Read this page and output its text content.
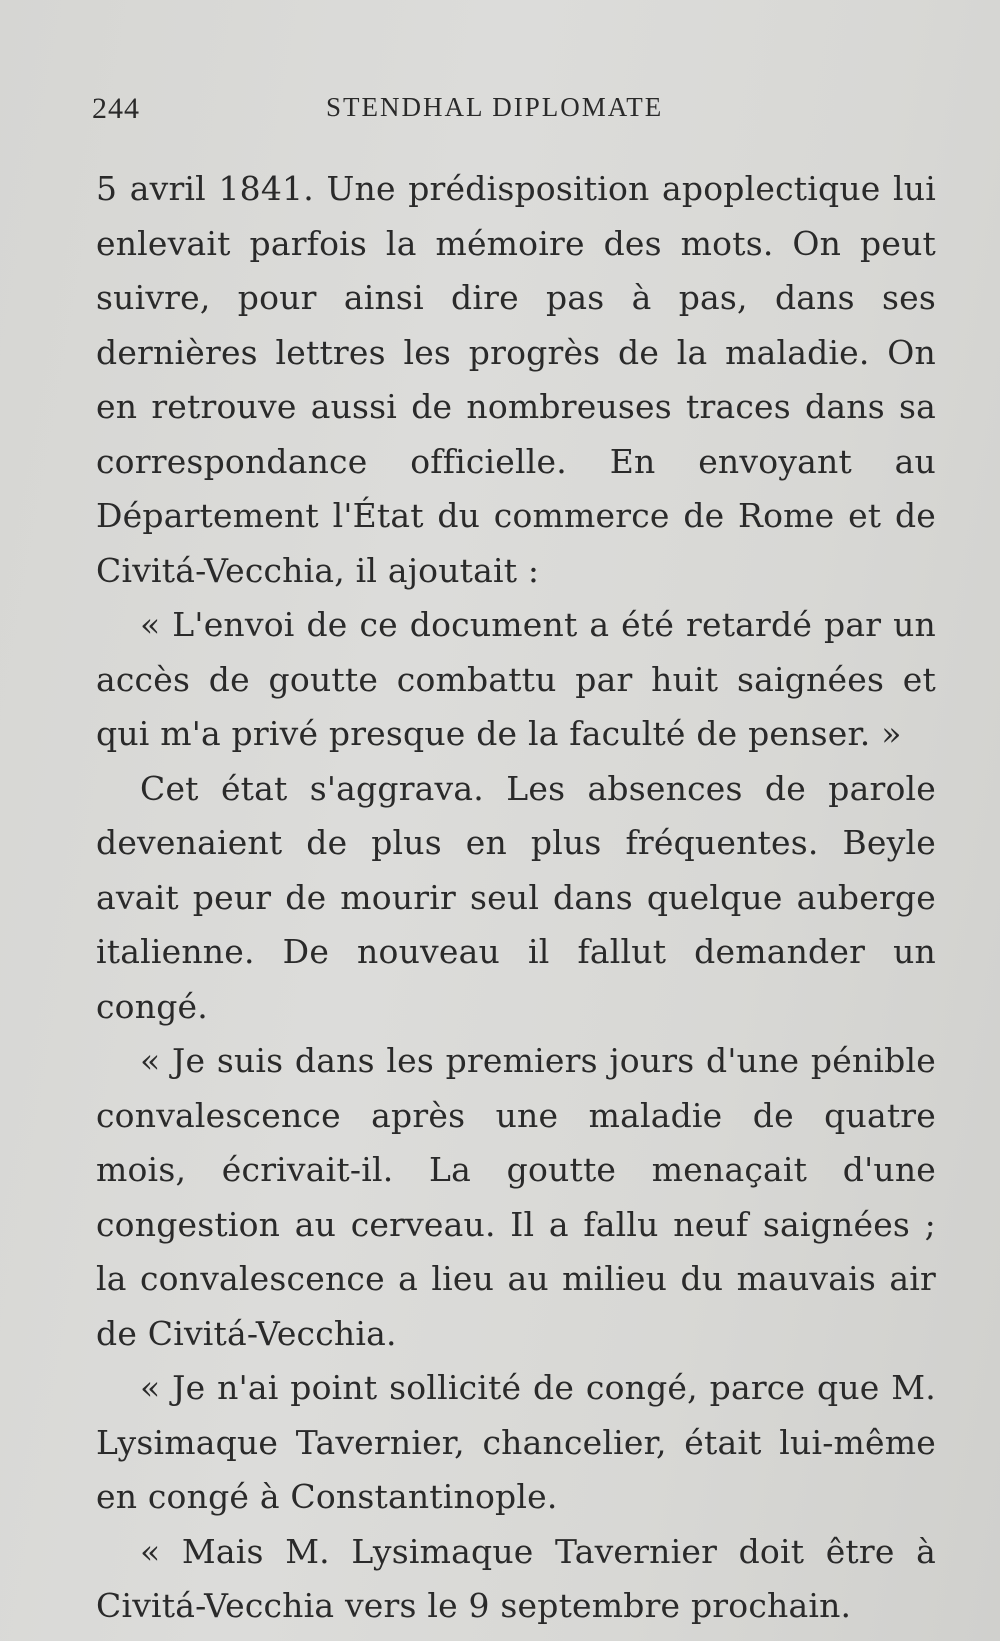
244	STENDHAL DIPLOMATE

5 avril 1841. Une prédisposition apoplectique lui enlevait parfois la mémoire des mots. On peut suivre, pour ainsi dire pas à pas, dans ses dernières lettres les progrès de la maladie. On en retrouve aussi de nombreuses traces dans sa correspondance officielle. En envoyant au Département l'État du commerce de Rome et de Civitá-Vecchia, il ajoutait :

« L'envoi de ce document a été retardé par un accès de goutte combattu par huit saignées et qui m'a privé presque de la faculté de penser. »

Cet état s'aggrava. Les absences de parole devenaient de plus en plus fréquentes. Beyle avait peur de mourir seul dans quelque auberge italienne. De nouveau il fallut demander un congé.

« Je suis dans les premiers jours d'une pénible convalescence après une maladie de quatre mois, écrivait-il. La goutte menaçait d'une congestion au cerveau. Il a fallu neuf saignées ; la convalescence a lieu au milieu du mauvais air de Civitá-Vecchia.

« Je n'ai point sollicité de congé, parce que M. Lysimaque Tavernier, chancelier, était lui-même en congé à Constantinople.

« Mais M. Lysimaque Tavernier doit être à Civitá-Vecchia vers le 9 septembre prochain.
